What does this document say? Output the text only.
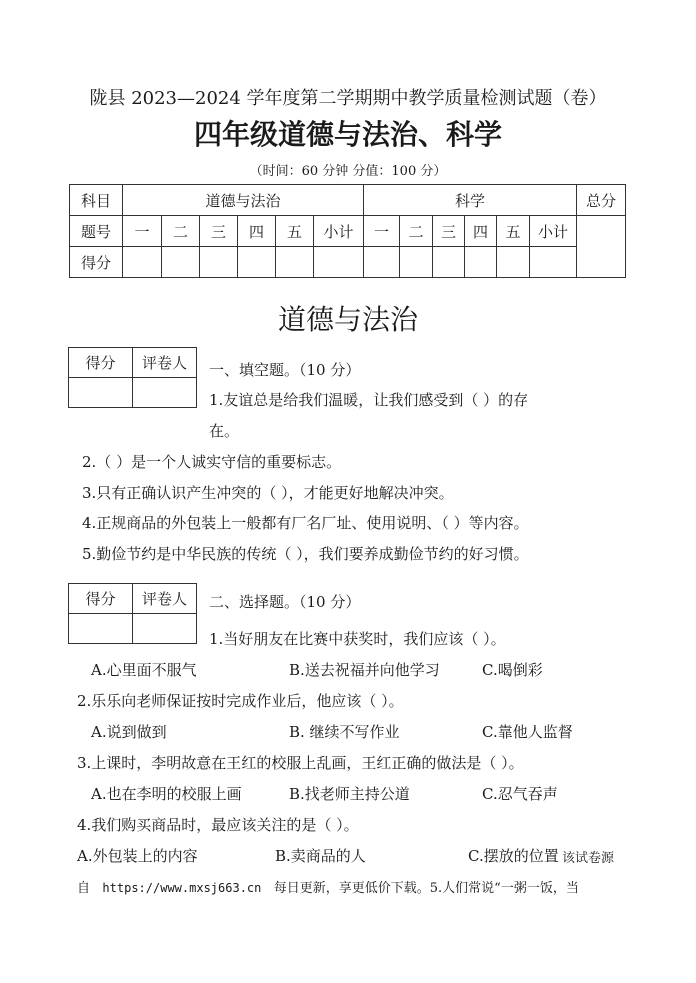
陇县 2023—2024 学年度第二学期期中教学质量检测试题（卷）
四年级道德与法治、科学
（时间：60 分钟 分值：100 分）
科目	道德与法治						科学						总分
题号	一	二	三	四	五	小计	一	二	三	四	五	小计	
得分													
道德与法治
得分	评卷人
	一、填空题。（10 分）
1.友谊总是给我们温暖，让我们感受到（ ）的存
在。
2.（ ）是一个人诚实守信的重要标志。
3.只有正确认识产生冲突的（ ），才能更好地解决冲突。
4.正规商品的外包装上一般都有厂名厂址、使用说明、（ ）等内容。
5.勤俭节约是中华民族的传统（ ），我们要养成勤俭节约的好习惯。
得分	评卷人
	二、选择题。（10 分）
1.当好朋友在比赛中获奖时，我们应该（ ）。
A.心里面不服气	B.送去祝福并向他学习	C.喝倒彩
2.乐乐向老师保证按时完成作业后，他应该（ ）。
A.说到做到	B. 继续不写作业	C.靠他人监督
3.上课时，李明故意在王红的校服上乱画，王红正确的做法是（ ）。
A.也在李明的校服上画	B.找老师主持公道	C.忍气吞声
4.我们购买商品时，最应该关注的是（ ）。
A.外包装上的内容	B.卖商品的人	C.摆放的位置 该试卷源
自 https://www.mxsj663.cn 每日更新，享更低价下载。5.人们常说“一粥一饭，当
